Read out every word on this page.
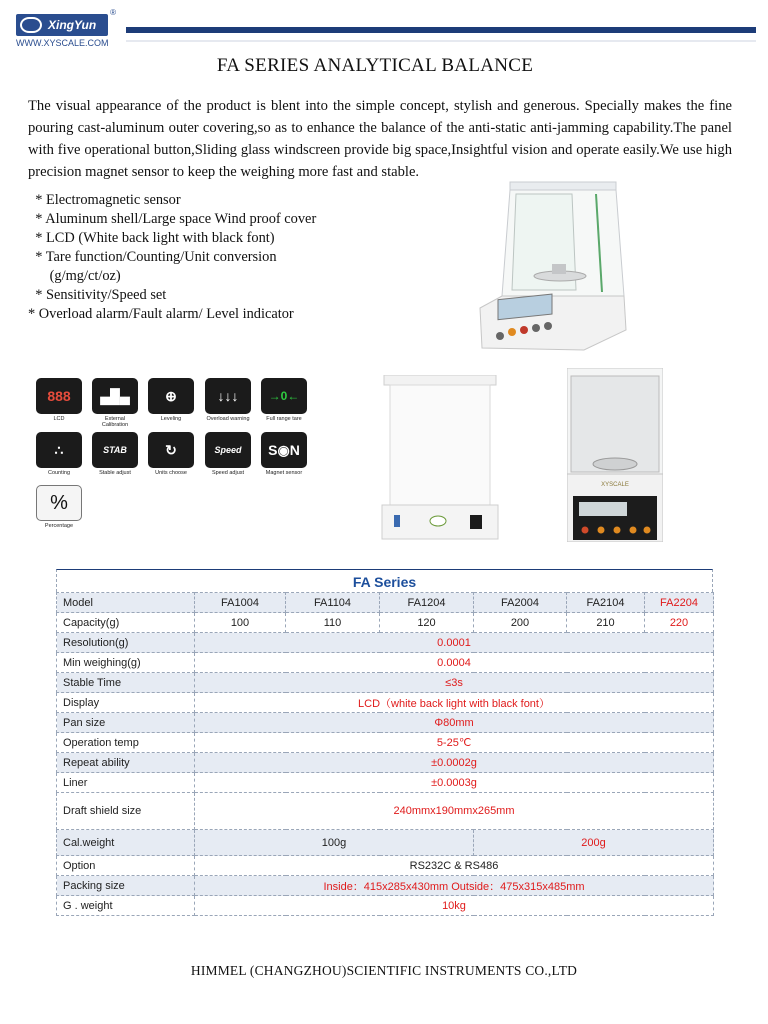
XingYun
®
WWW.XYSCALE.COM
FA SERIES ANALYTICAL BALANCE

The visual appearance of the product is blent into the simple concept, stylish and generous. Specially makes the fine pouring cast-aluminum outer covering,so as to enhance the balance of the anti-static anti-jamming capability.The panel with five operational button,Sliding glass windscreen provide big space,Insightful vision and operate easily.We use high precision magnet sensor to keep the weighing more fast and stable.

* Electromagnetic sensor
* Aluminum shell/Large space Wind proof cover
* LCD (White back light with black font)
* Tare function/Counting/Unit conversion
(g/mg/ct/oz)
* Sensitivity/Speed set
* Overload alarm/Fault alarm/ Level indicator
888
LCD
▄█▄
External Calibration
⊕
Leveling
↓↓↓
Overload warning
→0←
Full range tare
∴
Counting
STAB
Stable adjust
↻
Units choose
Speed
Speed adjust
S◉N
Magnet sensor
%
Percentage
XYSCALE
FA Series
Model	FA1004	FA1104	FA1204	FA2004	FA2104	FA2204
Capacity(g)	100	110	120	200	210	220
Resolution(g)	0.0001					
Min weighing(g)	0.0004					
Stable Time	≤3s					
Display	LCD（white back light with black font）					
Pan size	Φ80mm					
Operation temp	5-25℃					
Repeat ability	±0.0002g					
Liner	±0.0003g					
Draft shield size	240mmx190mmx265mm					
Cal.weight	100g			200g		
Option	RS232C & RS486					
Packing size	Inside：415x285x430mm Outside：475x315x485mm					
G . weight	10kg					
HIMMEL (CHANGZHOU)SCIENTIFIC INSTRUMENTS CO.,LTD
